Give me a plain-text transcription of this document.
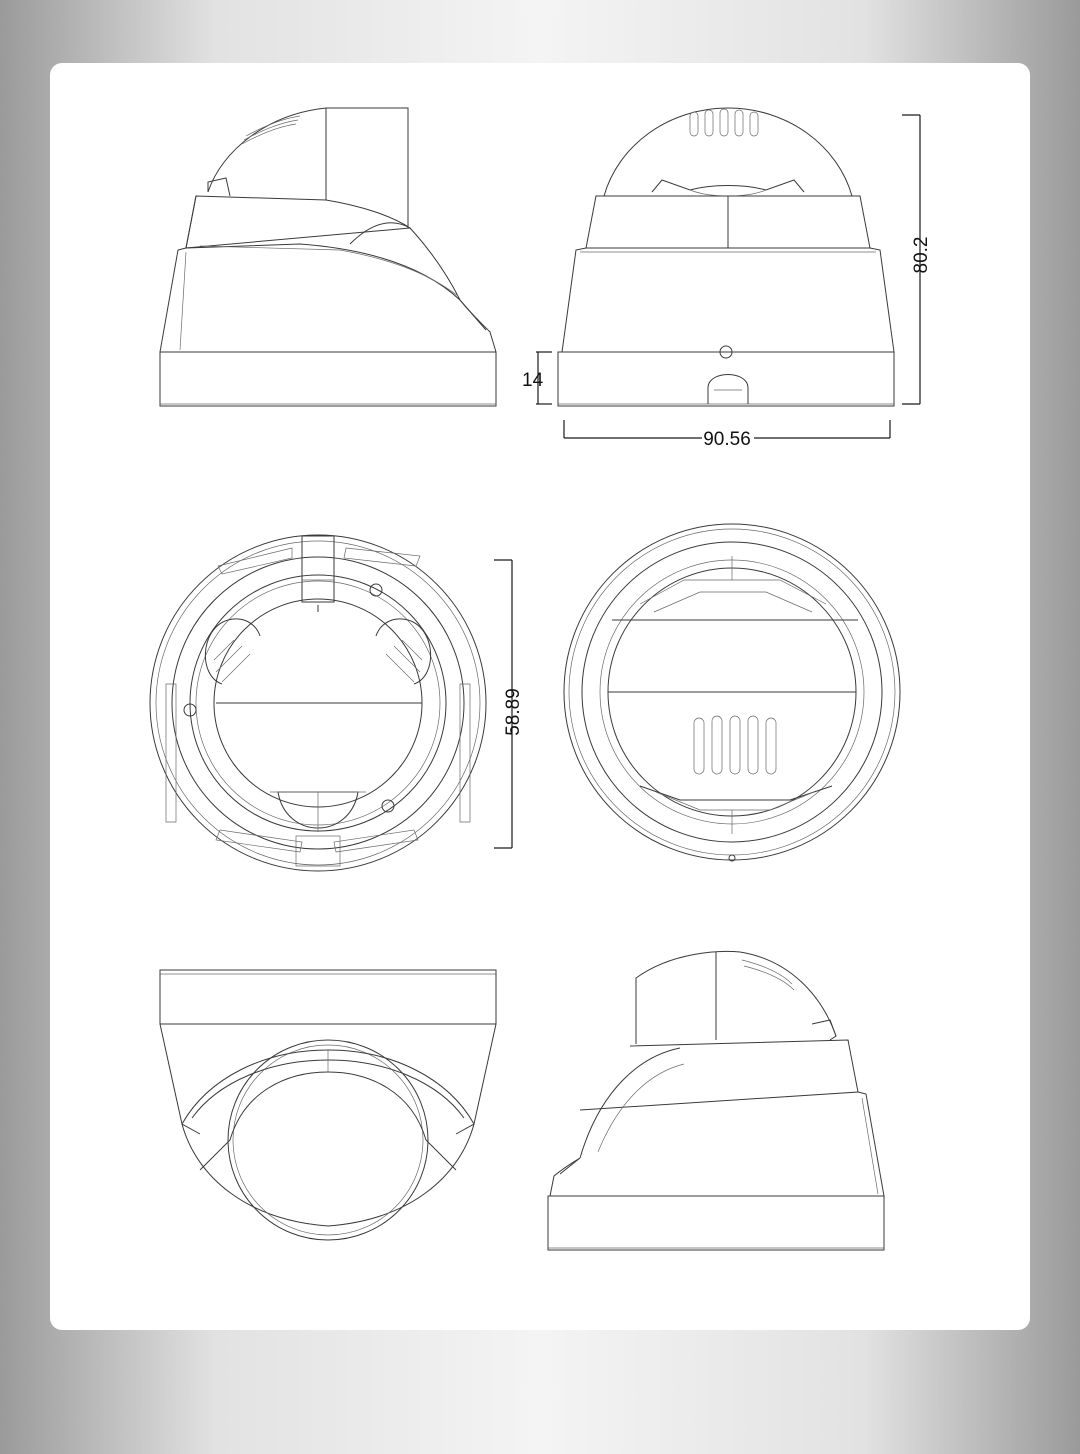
80.2
14
90.56
58.89
